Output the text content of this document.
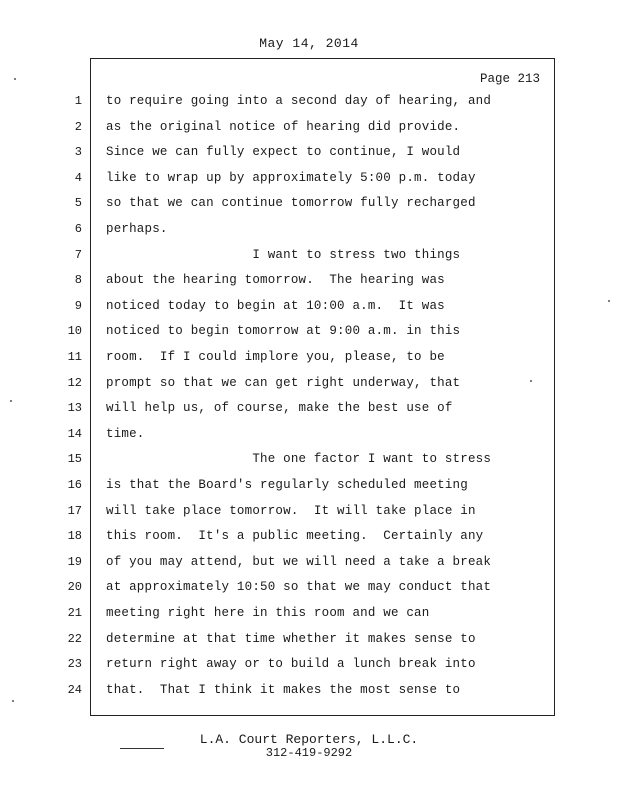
May 14, 2014
Page 213
1 to require going into a second day of hearing, and
2 as the original notice of hearing did provide.
3 Since we can fully expect to continue, I would
4 like to wrap up by approximately 5:00 p.m. today
5 so that we can continue tomorrow fully recharged
6 perhaps.
7 I want to stress two things
8 about the hearing tomorrow.  The hearing was
9 noticed today to begin at 10:00 a.m.  It was
10 noticed to begin tomorrow at 9:00 a.m. in this
11 room.  If I could implore you, please, to be
12 prompt so that we can get right underway, that
13 will help us, of course, make the best use of
14 time.
15 The one factor I want to stress
16 is that the Board's regularly scheduled meeting
17 will take place tomorrow.  It will take place in
18 this room.  It's a public meeting.  Certainly any
19 of you may attend, but we will need a take a break
20 at approximately 10:50 so that we may conduct that
21 meeting right here in this room and we can
22 determine at that time whether it makes sense to
23 return right away or to build a lunch break into
24 that.  That I think it makes the most sense to
L.A. Court Reporters, L.L.C.
312-419-9292
